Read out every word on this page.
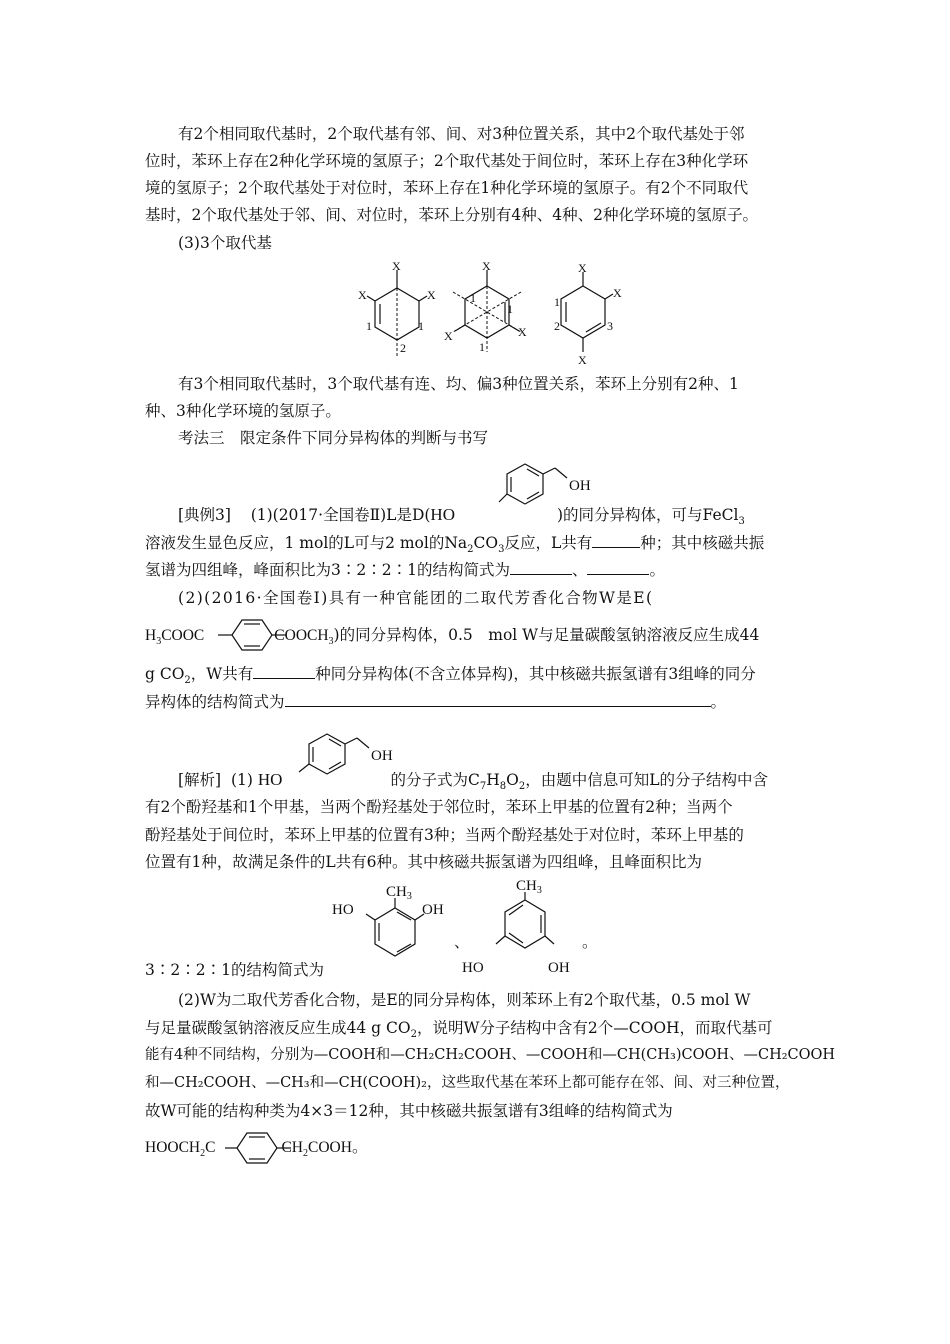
有2个相同取代基时，2个取代基有邻、间、对3种位置关系，其中2个取代基处于邻
位时，苯环上存在2种化学环境的氢原子；2个取代基处于间位时，苯环上存在3种化学环
境的氢原子；2个取代基处于对位时，苯环上存在1种化学环境的氢原子。有2个不同取代
基时，2个取代基处于邻、间、对位时，苯环上分别有4种、4种、2种化学环境的氢原子。
(3)3个取代基
X
X
X
1	1
2
X
X
X
1
1
1
X
X
X
1
2	3
有3个相同取代基时，3个取代基有连、均、偏3种位置关系，苯环上分别有2种、1
种、3种化学环境的氢原子。
考法三　限定条件下同分异构体的判断与书写
OH
[典例3] (1)(2017·全国卷Ⅱ)L是D(HO	)的同分异构体，可与FeCl$_3$
溶液发生显色反应，1 mol的L可与2 mol的$Na_2CO_3$反应，L共有	种；其中核磁共振
氢谱为四组峰，峰面积比为3∶2∶2∶1的结构简式为	、	。
(2)(2016·全国卷Ⅰ)具有一种官能团的二取代芳香化合物W是E(
$H_3COOC$	$COOCH_3$)的同分异构体，0.5　mol W与足量碳酸氢钠溶液反应生成44
g $CO_2$，W共有	种同分异构体(不含立体异构)，其中核磁共振氢谱有3组峰的同分
异构体的结构简式为	。
OH
[解析] (1) HO	的分子式为$C_7H_8O_2$，由题中信息可知L的分子结构中含
有2个酚羟基和1个甲基，当两个酚羟基处于邻位时，苯环上甲基的位置有2种；当两个
酚羟基处于间位时，苯环上甲基的位置有3种；当两个酚羟基处于对位时，苯环上甲基的
位置有1种，故满足条件的L共有6种。其中核磁共振氢谱为四组峰，且峰面积比为
$CH_3$
HO	OH
、
$CH_3$
HO	OH
。
3∶2∶2∶1的结构简式为
(2)W为二取代芳香化合物，是E的同分异构体，则苯环上有2个取代基，0.5 mol W
与足量碳酸氢钠溶液反应生成44 g $CO_2$，说明W分子结构中含有2个—COOH，而取代基可
能有4种不同结构，分别为—COOH和—CH₂CH₂COOH、—COOH和—CH(CH₃)COOH、—CH₂COOH
和—CH₂COOH、—CH₃和—CH(COOH)₂，这些取代基在苯环上都可能存在邻、间、对三种位置，
故W可能的结构种类为4×3＝12种，其中核磁共振氢谱有3组峰的结构简式为
$HOOCH_2C$	$CH_2COOH$。
